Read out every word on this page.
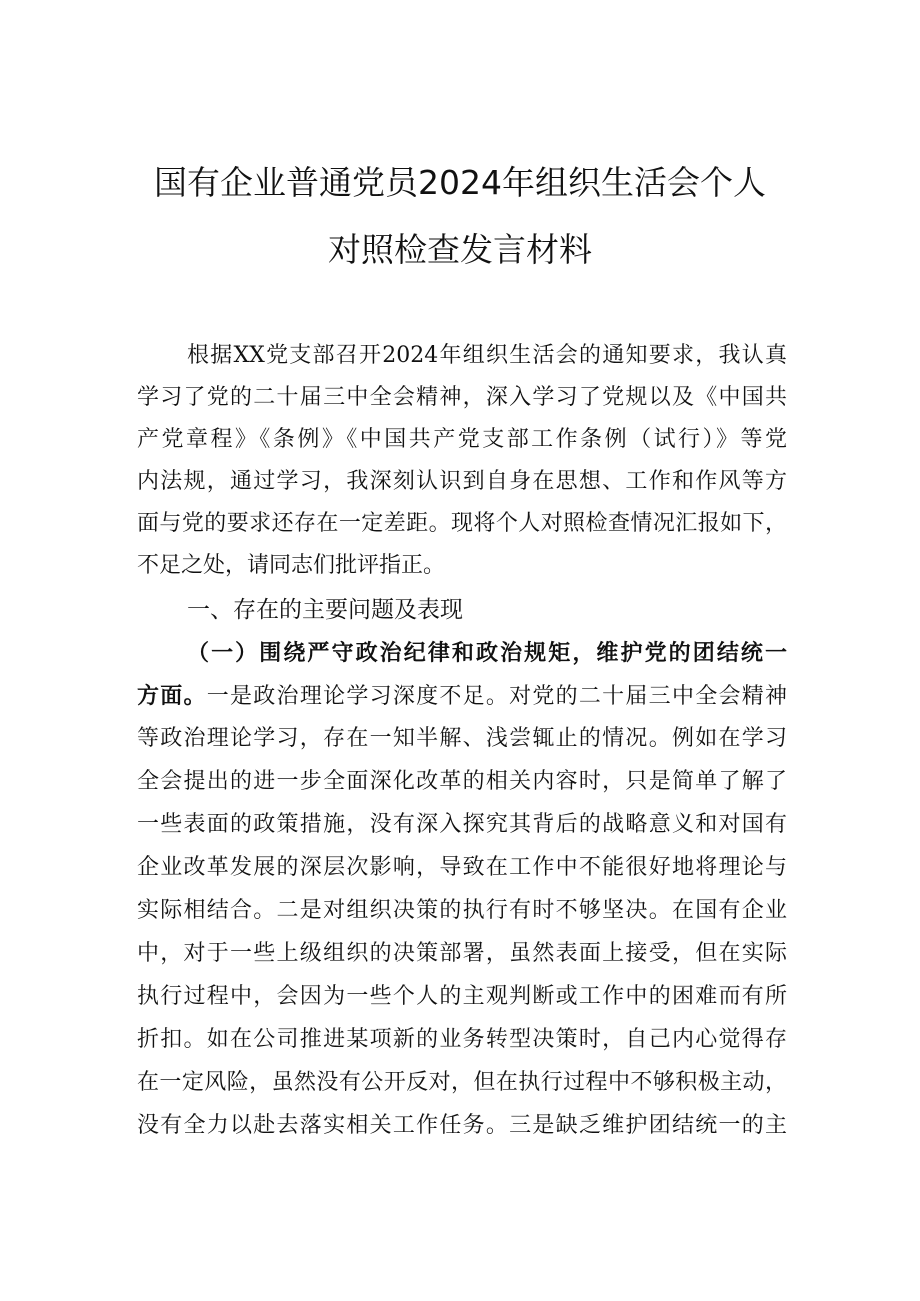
国有企业普通党员2024年组织生活会个人
对照检查发言材料
根据XX党支部召开2024年组织生活会的通知要求，我认真
学习了党的二十届三中全会精神，深入学习了党规以及《中国共
产党章程》《条例》《中国共产党支部工作条例（试行）》等党
内法规，通过学习，我深刻认识到自身在思想、工作和作风等方
面与党的要求还存在一定差距。现将个人对照检查情况汇报如下，
不足之处，请同志们批评指正。
一、存在的主要问题及表现
（一）围绕严守政治纪律和政治规矩，维护党的团结统一
方面。一是政治理论学习深度不足。对党的二十届三中全会精神
等政治理论学习，存在一知半解、浅尝辄止的情况。例如在学习
全会提出的进一步全面深化改革的相关内容时，只是简单了解了
一些表面的政策措施，没有深入探究其背后的战略意义和对国有
企业改革发展的深层次影响，导致在工作中不能很好地将理论与
实际相结合。二是对组织决策的执行有时不够坚决。在国有企业
中，对于一些上级组织的决策部署，虽然表面上接受，但在实际
执行过程中，会因为一些个人的主观判断或工作中的困难而有所
折扣。如在公司推进某项新的业务转型决策时，自己内心觉得存
在一定风险，虽然没有公开反对，但在执行过程中不够积极主动，
没有全力以赴去落实相关工作任务。三是缺乏维护团结统一的主
